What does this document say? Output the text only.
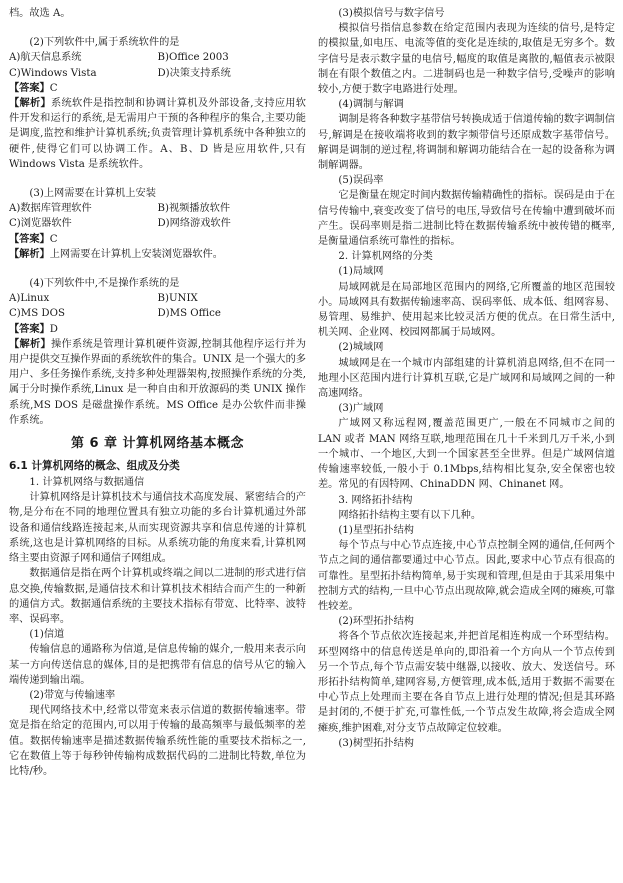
档。故选 A。

(2)下列软件中,属于系统软件的是

A)航天信息系统	B)Office 2003
C)Windows Vista	D)决策支持系统

【答案】C

【解析】系统软件是指控制和协调计算机及外部设备,支持应用软件开发和运行的系统,是无需用户干预的各种程序的集合,主要功能是调度,监控和维护计算机系统;负责管理计算机系统中各种独立的硬件,使得它们可以协调工作。A、B、D 皆是应用软件,只有 Windows Vista 是系统软件。

(3)上网需要在计算机上安装

A)数据库管理软件	B)视频播放软件
C)浏览器软件	D)网络游戏软件

【答案】C

【解析】上网需要在计算机上安装浏览器软件。

(4)下列软件中,不是操作系统的是

A)Linux	B)UNIX
C)MS DOS	D)MS Office

【答案】D

【解析】操作系统是管理计算机硬件资源,控制其他程序运行并为用户提供交互操作界面的系统软件的集合。UNIX 是一个强大的多用户、多任务操作系统,支持多种处理器架构,按照操作系统的分类,属于分时操作系统,Linux 是一种自由和开放源码的类 UNIX 操作系统,MS DOS 是磁盘操作系统。MS Office 是办公软件而非操作系统。

第 6 章 计算机网络基本概念
6.1 计算机网络的概念、组成及分类

1. 计算机网络与数据通信

计算机网络是计算机技术与通信技术高度发展、紧密结合的产物,是分布在不同的地理位置具有独立功能的多台计算机通过外部设备和通信线路连接起来,从而实现资源共享和信息传递的计算机系统,这也是计算机网络的目标。从系统功能的角度来看,计算机网络主要由资源子网和通信子网组成。

数据通信是指在两个计算机或终端之间以二进制的形式进行信息交换,传输数据,是通信技术和计算机技术相结合而产生的一种新的通信方式。数据通信系统的主要技术指标有带宽、比特率、波特率、误码率。

(1)信道

传输信息的通路称为信道,是信息传输的媒介,一般用来表示向某一方向传送信息的媒体,目的是把携带有信息的信号从它的输入端传递到输出端。

(2)带宽与传输速率

现代网络技术中,经常以带宽来表示信道的数据传输速率。带宽是指在给定的范围内,可以用于传输的最高频率与最低频率的差值。数据传输速率是描述数据传输系统性能的重要技术指标之一,它在数值上等于每秒钟传输构成数据代码的二进制比特数,单位为比特/秒。

(3)模拟信号与数字信号

模拟信号指信息参数在给定范围内表现为连续的信号,是特定的模拟量,如电压、电流等值的变化是连续的,取值是无穷多个。数字信号是表示数字量的电信号,幅度的取值是离散的,幅值表示被限制在有限个数值之内。二进制码也是一种数字信号,受噪声的影响较小,方便于数字电路进行处理。

(4)调制与解调

调制是将各种数字基带信号转换成适于信道传输的数字调制信号,解调是在接收端将收到的数字频带信号还原成数字基带信号。解调是调制的逆过程,将调制和解调功能结合在一起的设备称为调制解调器。

(5)误码率

它是衡量在规定时间内数据传输精确性的指标。误码是由于在信号传输中,衰变改变了信号的电压,导致信号在传输中遭到破坏而产生。误码率则是指二进制比特在数据传输系统中被传错的概率,是衡量通信系统可靠性的指标。

2. 计算机网络的分类

(1)局域网

局域网就是在局部地区范围内的网络,它所覆盖的地区范围较小。局域网具有数据传输速率高、误码率低、成本低、组网容易、易管理、易维护、使用起来比较灵活方便的优点。在日常生活中,机关网、企业网、校园网都属于局域网。

(2)城域网

城域网是在一个城市内部组建的计算机消息网络,但不在同一地理小区范围内进行计算机互联,它是广域网和局域网之间的一种高速网络。

(3)广域网

广域网又称远程网,覆盖范围更广,一般在不同城市之间的 LAN 或者 MAN 网络互联,地理范围在几十千米到几万千米,小到一个城市、一个地区,大到一个国家甚至全世界。但是广域网信道传输速率较低,一般小于 0.1Mbps,结构相比复杂,安全保密也较差。常见的有因特网、ChinaDDN 网、Chinanet 网。

3. 网络拓扑结构

网络拓扑结构主要有以下几种。

(1)星型拓扑结构

每个节点与中心节点连接,中心节点控制全网的通信,任何两个节点之间的通信都要通过中心节点。因此,要求中心节点有很高的可靠性。星型拓扑结构简单,易于实现和管理,但是由于其采用集中控制方式的结构,一旦中心节点出现故障,就会造成全网的瘫痪,可靠性较差。

(2)环型拓扑结构

将各个节点依次连接起来,并把首尾相连构成一个环型结构。环型网络中的信息传送是单向的,即沿着一个方向从一个节点传到另一个节点,每个节点需安装中继器,以接收、放大、发送信号。环形拓扑结构简单,建网容易,方便管理,成本低,适用于数据不需要在中心节点上处理而主要在各自节点上进行处理的情况;但是其环路是封闭的,不便于扩充,可靠性低,一个节点发生故障,将会造成全网瘫痪,维护困难,对分支节点故障定位较难。

(3)树型拓扑结构
